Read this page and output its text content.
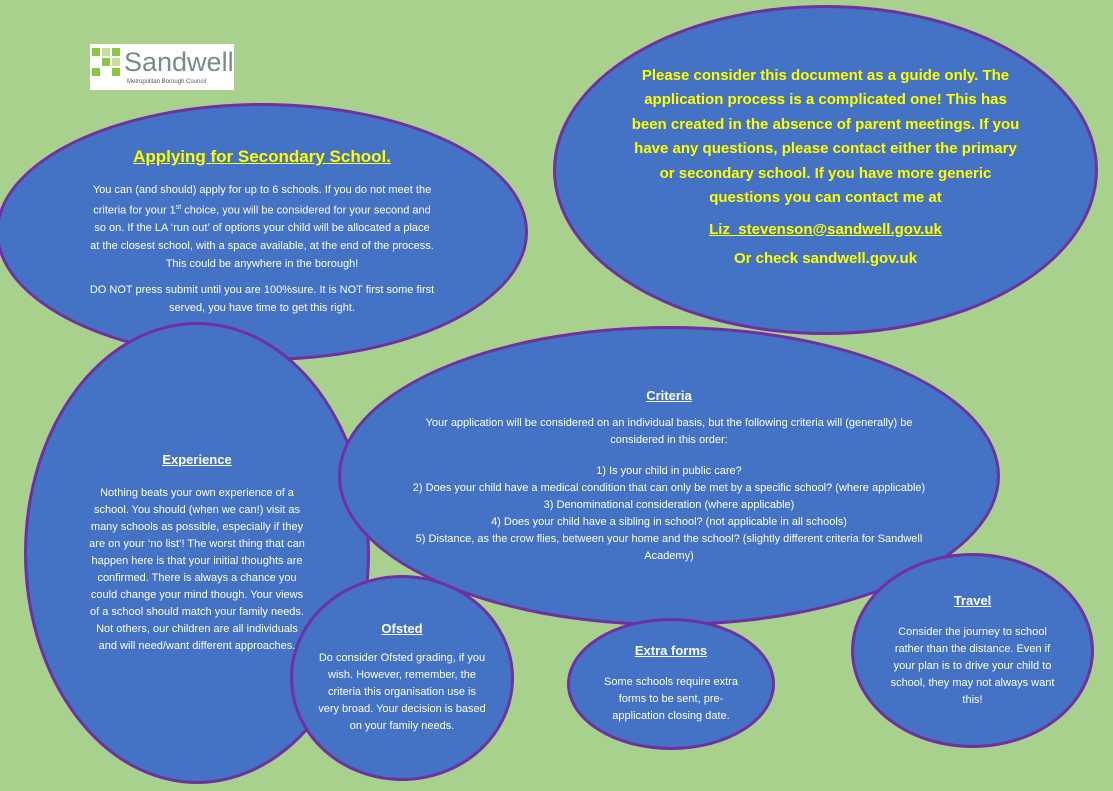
Sandwell
Metropolitan Borough Council

Applying for Secondary School.

You can (and should) apply for up to 6 schools. If you do not meet the criteria for your 1st choice, you will be considered for your second and so on. If the LA ‘run out’ of options your child will be allocated a place at the closest school, with a space available, at the end of the process. This could be anywhere in the borough!

DO NOT press submit until you are 100%sure. It is NOT first some first served, you have time to get this right.

Please consider this document as a guide only. The application process is a complicated one! This has been created in the absence of parent meetings. If you have any questions, please contact either the primary or secondary school. If you have more generic questions you can contact me at

Liz_stevenson@sandwell.gov.uk

Or check sandwell.gov.uk

Experience

Nothing beats your own experience of a school. You should (when we can!) visit as many schools as possible, especially if they are on your ‘no list’! The worst thing that can happen here is that your initial thoughts are confirmed. There is always a chance you could change your mind though. Your views of a school should match your family needs. Not others, our children are all individuals and will need/want different approaches.

Criteria

Your application will be considered on an individual basis, but the following criteria will (generally) be considered in this order:

1) Is your child in public care?
2) Does your child have a medical condition that can only be met by a specific school? (where applicable)
3) Denominational consideration (where applicable)
4) Does your child have a sibling in school? (not applicable in all schools)
5) Distance, as the crow flies, between your home and the school? (slightly different criteria for Sandwell Academy)

Ofsted

Do consider Ofsted grading, if you wish. However, remember, the criteria this organisation use is very broad. Your decision is based on your family needs.

Extra forms

Some schools require extra forms to be sent, pre-application closing date.

Travel

Consider the journey to school rather than the distance. Even if your plan is to drive your child to school, they may not always want this!
